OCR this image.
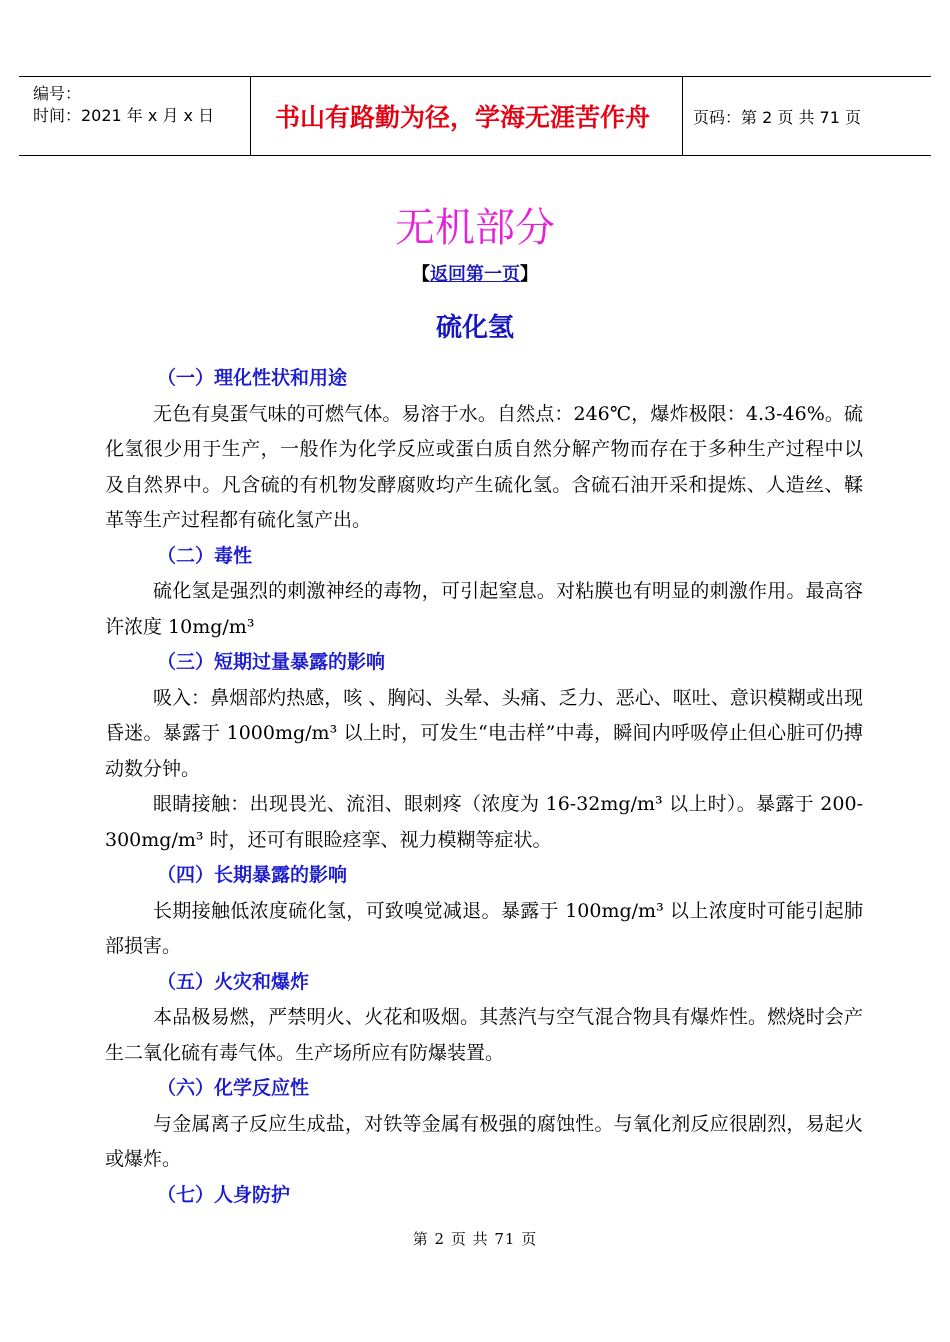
编号：
时间：2021 年 x 月 x 日	书山有路勤为径，学海无涯苦作舟	页码：第 2 页 共 71 页
无机部分
【返回第一页】
硫化氢
（一）理化性状和用途

无色有臭蛋气味的可燃气体。易溶于水。自然点：246℃，爆炸极限：4.3-46%。硫化氢很少用于生产，一般作为化学反应或蛋白质自然分解产物而存在于多种生产过程中以及自然界中。凡含硫的有机物发酵腐败均产生硫化氢。含硫石油开采和提炼、人造丝、鞣革等生产过程都有硫化氢产出。

（二）毒性

硫化氢是强烈的刺激神经的毒物，可引起窒息。对粘膜也有明显的刺激作用。最高容许浓度 10mg/m³

（三）短期过量暴露的影响

吸入：鼻烟部灼热感，咳 、胸闷、头晕、头痛、乏力、恶心、呕吐、意识模糊或出现昏迷。暴露于 1000mg/m³ 以上时，可发生“电击样”中毒，瞬间内呼吸停止但心脏可仍搏动数分钟。

眼睛接触：出现畏光、流泪、眼刺疼（浓度为 16-32mg/m³ 以上时）。暴露于 200-300mg/m³ 时，还可有眼睑痉挛、视力模糊等症状。

（四）长期暴露的影响

长期接触低浓度硫化氢，可致嗅觉减退。暴露于 100mg/m³ 以上浓度时可能引起肺部损害。

（五）火灾和爆炸

本品极易燃，严禁明火、火花和吸烟。其蒸汽与空气混合物具有爆炸性。燃烧时会产生二氧化硫有毒气体。生产场所应有防爆装置。

（六）化学反应性

与金属离子反应生成盐，对铁等金属有极强的腐蚀性。与氧化剂反应很剧烈，易起火或爆炸。

（七）人身防护
第 2 页 共 71 页
